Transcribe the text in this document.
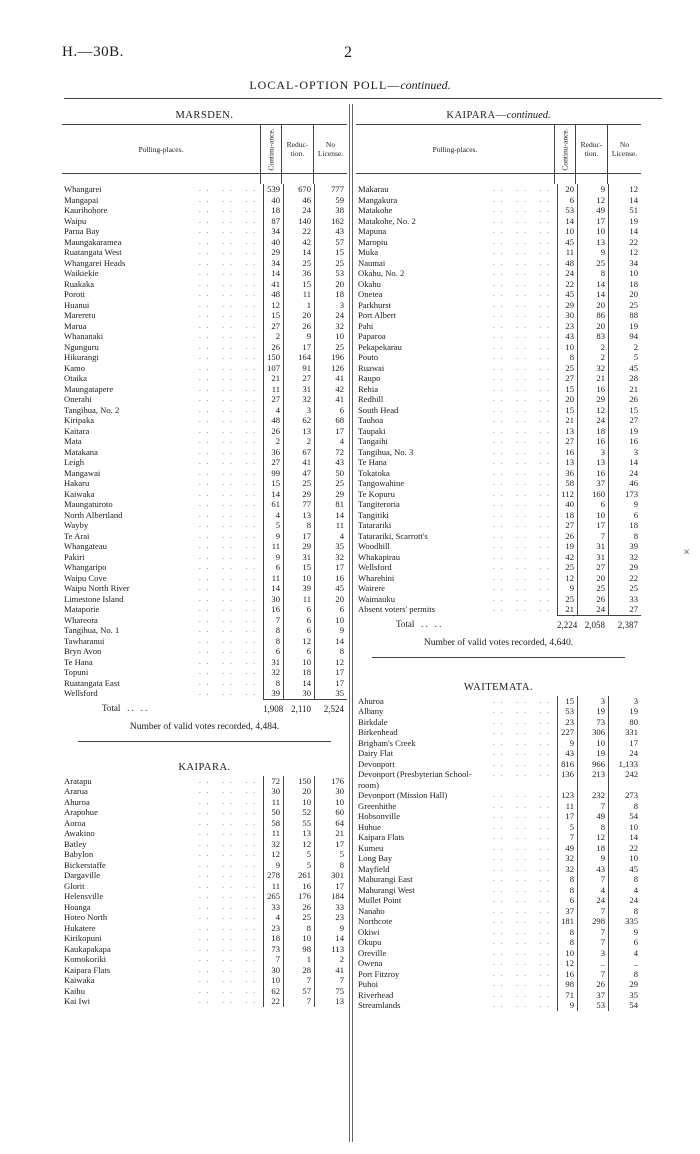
H.—30B.	2
LOCAL-OPTION POLL—continued.
˟
MARSDEN.
Polling-places.	Continu-ance.	Reduc-tion.
No License.
Whangarei	.. .. .. 539	670	777
Mangapai	.. .. ..	40	46	59
Kaurihohore	.. .. ..	18	24	38
Waipu	.. .. ..	87	140	162
Parua Bay	.. .. ..	34	22	43
Maungakaramea	.. .. ..	40	42	57
Ruatangata West	.. .. ..	29	14	15
Whangarei Heads	.. .. ..	34	25	25
Waikiekie	.. .. ..	14	36	53
Ruakaka	.. .. ..	41	15	20
Poroti	.. .. ..	48	11	18
Huanui	.. .. ..	12	1	3
Mareretu	.. .. ..	15	20	24
Marua	.. .. ..	27	26	32
Whananaki	.. .. ..	2	9	10
Ngunguru	.. .. ..	26	17	25
Hikurangi	.. .. .. 150	164	196
Kamo	.. .. .. 107	91	126
Otaika	.. .. ..	21	27	41
Maungatapere	.. .. ..	11	31	42
Onerahi	.. .. ..	27	32	41
Tangihua, No. 2	.. .. ..	4	3	6
Kiripaka	.. .. ..	48	62	68
Kaitara	.. .. ..	26	13	17
Mata	.. .. ..	2	2	4
Matakana	.. .. ..	36	67	72
Leigh	.. .. ..	27	41	43
Mangawai	.. .. ..	99	47	50
Hakaru	.. .. ..	15	25	25
Kaiwaka	.. .. ..	14	29	29
Maungaturoto	.. .. ..	61	77	81
North Albertland	.. .. ..	4	13	14
Wayby	.. .. ..	5	8	11
Te Arai	.. .. ..	9	17	4
Whangateau	.. .. ..	11	29	35
Pakiri	.. .. ..	9	31	32
Whangaripo	.. .. ..	6	15	17
Waipu Cove	.. .. ..	11	10	16
Waipu North River	.. .. ..	14	39	45
Limestone Island	.. .. ..	30	11	20
Mataporie	.. .. ..	16	6	6
Whareora	.. .. ..	7	6	10
Tangihua, No. 1	.. .. ..	8	6	9
Tawharanui	.. .. ..	8	12	14
Bryn Avon	.. .. ..	6	6	8
Te Hana	.. .. ..	31	10	12
Topuni	.. .. ..	32	18	17
Ruatangata East	.. .. ..	8	14	17
Wellsford	.. .. ..	39	30	35
Total   . .   . .	1,908 2,110	2,524
Number of valid votes recorded, 4,484.
KAIPARA.
Aratapu	.. .. ..	72	150	176
Ararua	.. .. ..	30	20	30
Ahuroa	.. .. ..	11	10	10
Arapohue	.. .. ..	50	52	60
Aoroa	.. .. ..	58	55	64
Awakino	.. .. ..	11	13	21
Batley	.. .. ..	32	12	17
Babylon	.. .. ..	12	5	5
Bickerstaffe	.. .. ..	9	5	8
Dargaville	.. .. .. 278	261	301
Glorit	.. .. ..	11	16	17
Helensville	.. .. .. 265	176	184
Hoanga	.. .. ..	33	26	33
Hoteo North	.. .. ..	4	25	23
Hukatere	.. .. ..	23	8	9
Kirikopuni	.. .. ..	18	10	14
Kaukapakapa	.. .. ..	73	98	113
Komokoriki	.. .. ..	7	1	2
Kaipara Flats	.. .. ..	30	28	41
Kaiwaka	.. .. ..	10	7	7
Kaihu	.. .. ..	62	57	75
Kai Iwi	.. .. ..	22	7	13
KAIPARA—continued.
Polling-places.	Continu-ance.	Reduc-tion.
No License.
Makarau	.. .. ..	20	9	12
Mangakura	.. .. ..	6	12	14
Matakohe	.. .. ..	53	49	51
Matakohe, No. 2	.. .. ..	14	17	19
Mapuna	.. .. ..	10	10	14
Maropiu	.. .. ..	45	13	22
Muka	.. .. ..	11	9	12
Naumai	.. .. ..	48	25	34
Okahu, No. 2	.. .. ..	24	8	10
Okahu	.. .. ..	22	14	18
Onetea	.. .. ..	45	14	20
Parkhurst	.. .. ..	29	20	25
Port Albert	.. .. ..	30	86	88
Pahi	.. .. ..	23	20	19
Paparoa	.. .. ..	43	83	94
Pekapekarau	.. .. ..	10	2	2
Pouto	.. .. ..	8	2	5
Ruawai	.. .. ..	25	32	45
Raupo	.. .. ..	27	21	28
Rehia	.. .. ..	15	16	21
Redhill	.. .. ..	20	29	26
South Head	.. .. ..	15	12	15
Tauhoa	.. .. ..	21	24	27
Taupaki	.. .. ..	13	18	19
Tangaihi	.. .. ..	27	16	16
Tangihua, No. 3	.. .. ..	16	3	3
Te Hana	.. .. ..	13	13	14
Tokatoka	.. .. ..	36	16	24
Tangowahine	.. .. ..	58	37	46
Te Kopuru	.. .. .. 112	160	173
Tangiteroria	.. .. ..	40	6	9
Tangitiki	.. .. ..	18	10	6
Tatarariki	.. .. ..	27	17	18
Tatarariki, Scarrott's	.. .. ..	26	7	8
Woodhill	.. .. ..	19	31	39
Whakapirau	.. .. ..	42	31	32
Wellsford	.. .. ..	25	27	29
Wharehini	.. .. ..	12	20	22
Wairere	.. .. ..	9	25	25
Waimauku	.. .. ..	25	26	33
Absent voters' permits	.. .. ..	21	24	27
Total   . .   . .	2,224 2,058	2,387
Number of valid votes recorded, 4,640.
WAITEMATA.
Ahuroa	.. .. ..	15	3	3
Albany	.. .. ..	53	19	19
Birkdale	.. .. ..	23	73	80
Birkenhead	.. .. .. 227	306	331
Brigham's Creek	.. .. ..	9	10	17
Dairy Flat	.. .. ..	43	19	24
Devonport	.. .. .. 816	966	1,133
Devonport (Presbyterian School-	.. .. .. 136	213	242
room)
Devonport (Mission Hall)	.. .. .. 123	232	273
Greenhithe	.. .. ..	11	7	8
Hobsonville	.. .. ..	17	49	54
Huhue	.. .. ..	5	8	10
Kaipara Flats	.. .. ..	7	12	14
Kumeu	.. .. ..	49	18	22
Long Bay	.. .. ..	32	9	10
Mayfield	.. .. ..	32	43	45
Mahurangi East	.. .. ..	8	7	8
Mahurangi West	.. .. ..	8	4	4
Mullet Point	.. .. ..	6	24	24
Nanaho	.. .. ..	37	7	8
Northcote	.. .. .. 181	298	335
Okiwi	.. .. ..	8	7	9
Okupu	.. .. ..	8	7	6
Oreville	.. .. ..	10	3	4
Owena	.. .. ..	12	..	..
Port Fitzroy	.. .. ..	16	7	8
Puhoi	.. .. ..	98	26	29
Riverhead	.. .. ..	71	37	35
Streamlands	.. .. ..	9	53	54
